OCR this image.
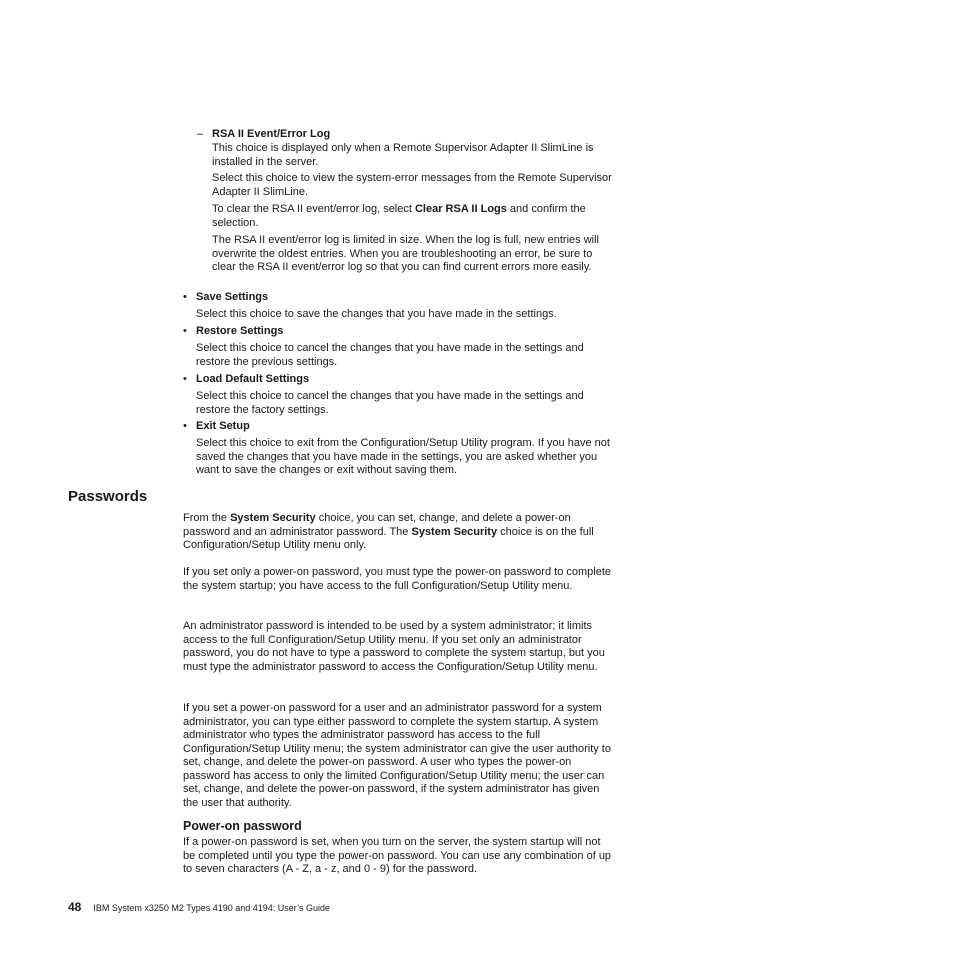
– RSA II Event/Error Log

This choice is displayed only when a Remote Supervisor Adapter II SlimLine is installed in the server.

Select this choice to view the system-error messages from the Remote Supervisor Adapter II SlimLine.

To clear the RSA II event/error log, select Clear RSA II Logs and confirm the selection.

The RSA II event/error log is limited in size. When the log is full, new entries will overwrite the oldest entries. When you are troubleshooting an error, be sure to clear the RSA II event/error log so that you can find current errors more easily.

• Save Settings

Select this choice to save the changes that you have made in the settings.

• Restore Settings

Select this choice to cancel the changes that you have made in the settings and restore the previous settings.

• Load Default Settings

Select this choice to cancel the changes that you have made in the settings and restore the factory settings.

• Exit Setup

Select this choice to exit from the Configuration/Setup Utility program. If you have not saved the changes that you have made in the settings, you are asked whether you want to save the changes or exit without saving them.

Passwords

From the System Security choice, you can set, change, and delete a power-on password and an administrator password. The System Security choice is on the full Configuration/Setup Utility menu only.

If you set only a power-on password, you must type the power-on password to complete the system startup; you have access to the full Configuration/Setup Utility menu.

An administrator password is intended to be used by a system administrator; it limits access to the full Configuration/Setup Utility menu. If you set only an administrator password, you do not have to type a password to complete the system startup, but you must type the administrator password to access the Configuration/Setup Utility menu.

If you set a power-on password for a user and an administrator password for a system administrator, you can type either password to complete the system startup. A system administrator who types the administrator password has access to the full Configuration/Setup Utility menu; the system administrator can give the user authority to set, change, and delete the power-on password. A user who types the power-on password has access to only the limited Configuration/Setup Utility menu; the user can set, change, and delete the power-on password, if the system administrator has given the user that authority.

Power-on password

If a power-on password is set, when you turn on the server, the system startup will not be completed until you type the power-on password. You can use any combination of up to seven characters (A - Z, a - z, and 0 - 9) for the password.

48 IBM System x3250 M2 Types 4190 and 4194: User’s Guide
